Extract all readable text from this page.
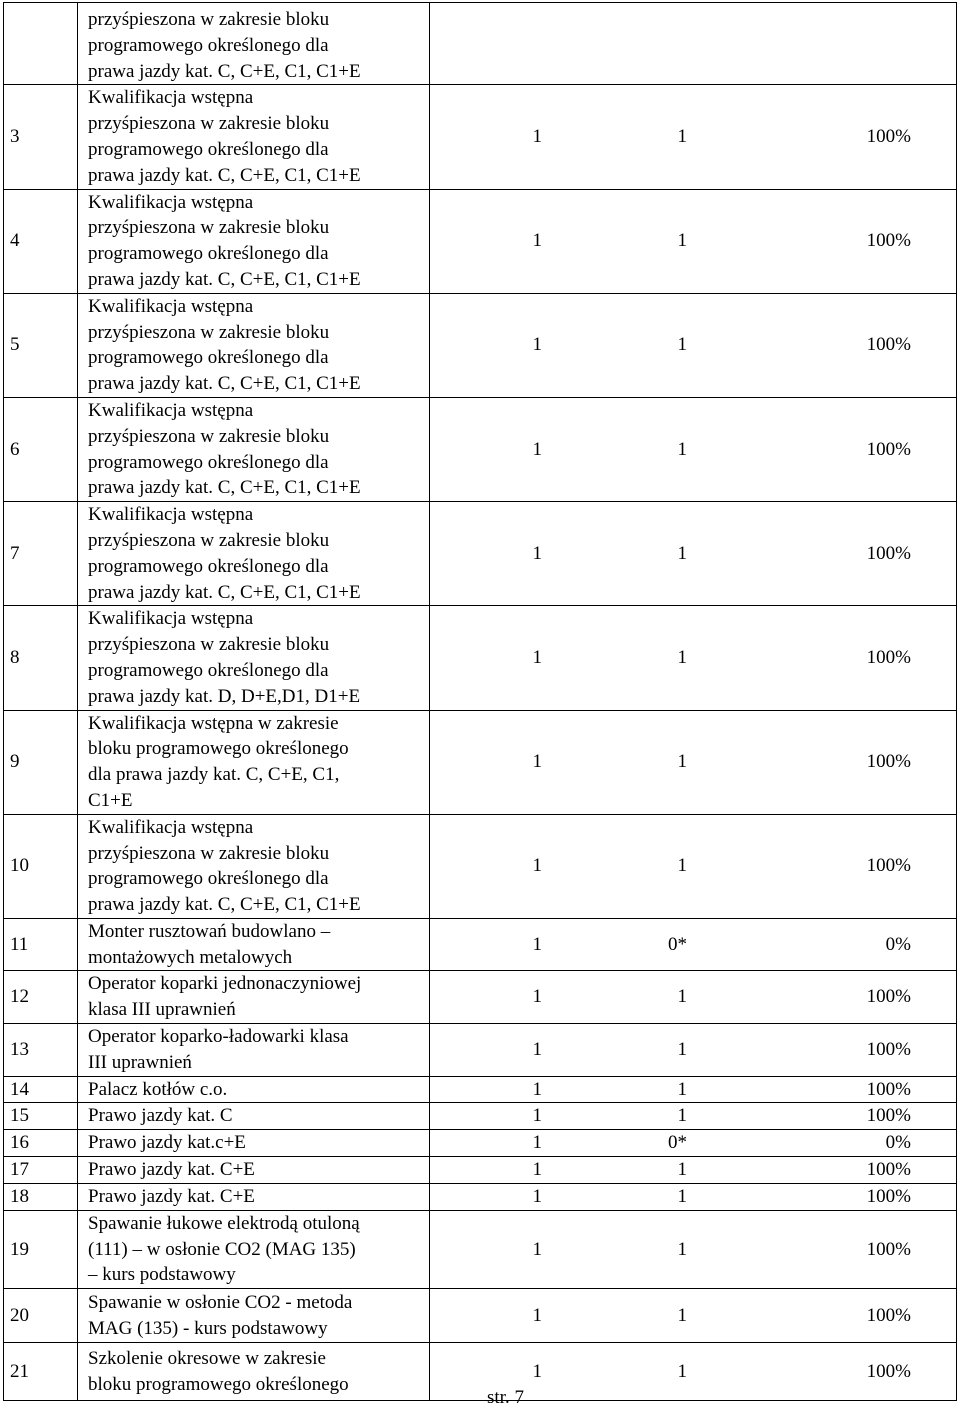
	przyśpieszona w zakresie bloku
programowego określonego dla
prawa jazdy kat. C, C+E, C1, C1+E	

3	Kwalifikacja wstępna
przyśpieszona w zakresie bloku
programowego określonego dla
prawa jazdy kat. C, C+E, C1, C1+E	1 1 100%

4	Kwalifikacja wstępna
przyśpieszona w zakresie bloku
programowego określonego dla
prawa jazdy kat. C, C+E, C1, C1+E	1 1 100%

5	Kwalifikacja wstępna
przyśpieszona w zakresie bloku
programowego określonego dla
prawa jazdy kat. C, C+E, C1, C1+E	1 1 100%

6	Kwalifikacja wstępna
przyśpieszona w zakresie bloku
programowego określonego dla
prawa jazdy kat. C, C+E, C1, C1+E	1 1 100%

7	Kwalifikacja wstępna
przyśpieszona w zakresie bloku
programowego określonego dla
prawa jazdy kat. C, C+E, C1, C1+E	1 1 100%

8	Kwalifikacja wstępna
przyśpieszona w zakresie bloku
programowego określonego dla
prawa jazdy kat. D, D+E,D1, D1+E	1 1 100%

9	Kwalifikacja wstępna w zakresie
bloku programowego określonego
dla prawa jazdy kat. C, C+E, C1,
C1+E	1 1 100%

10	Kwalifikacja wstępna
przyśpieszona w zakresie bloku
programowego określonego dla
prawa jazdy kat. C, C+E, C1, C1+E	1 1 100%

11	Monter rusztowań budowlano –
montażowych metalowych	1 0* 0%

12	Operator koparki jednonaczyniowej
klasa III uprawnień	1 1 100%

13	Operator koparko-ładowarki klasa
III uprawnień	1 1 100%

14	Palacz kotłów c.o.	1 1 100%

15	Prawo jazdy kat. C	1 1 100%

16	Prawo jazdy kat.c+E	1 0* 0%

17	Prawo jazdy kat. C+E	1 1 100%

18	Prawo jazdy kat. C+E	1 1 100%

19	Spawanie łukowe elektrodą otuloną
(111) – w osłonie CO2 (MAG 135)
– kurs podstawowy	1 1 100%

20	Spawanie w osłonie CO2 - metoda
MAG (135) - kurs podstawowy	1 1 100%

21	Szkolenie okresowe w zakresie
bloku programowego określonego	1 1 100%
str. 7
